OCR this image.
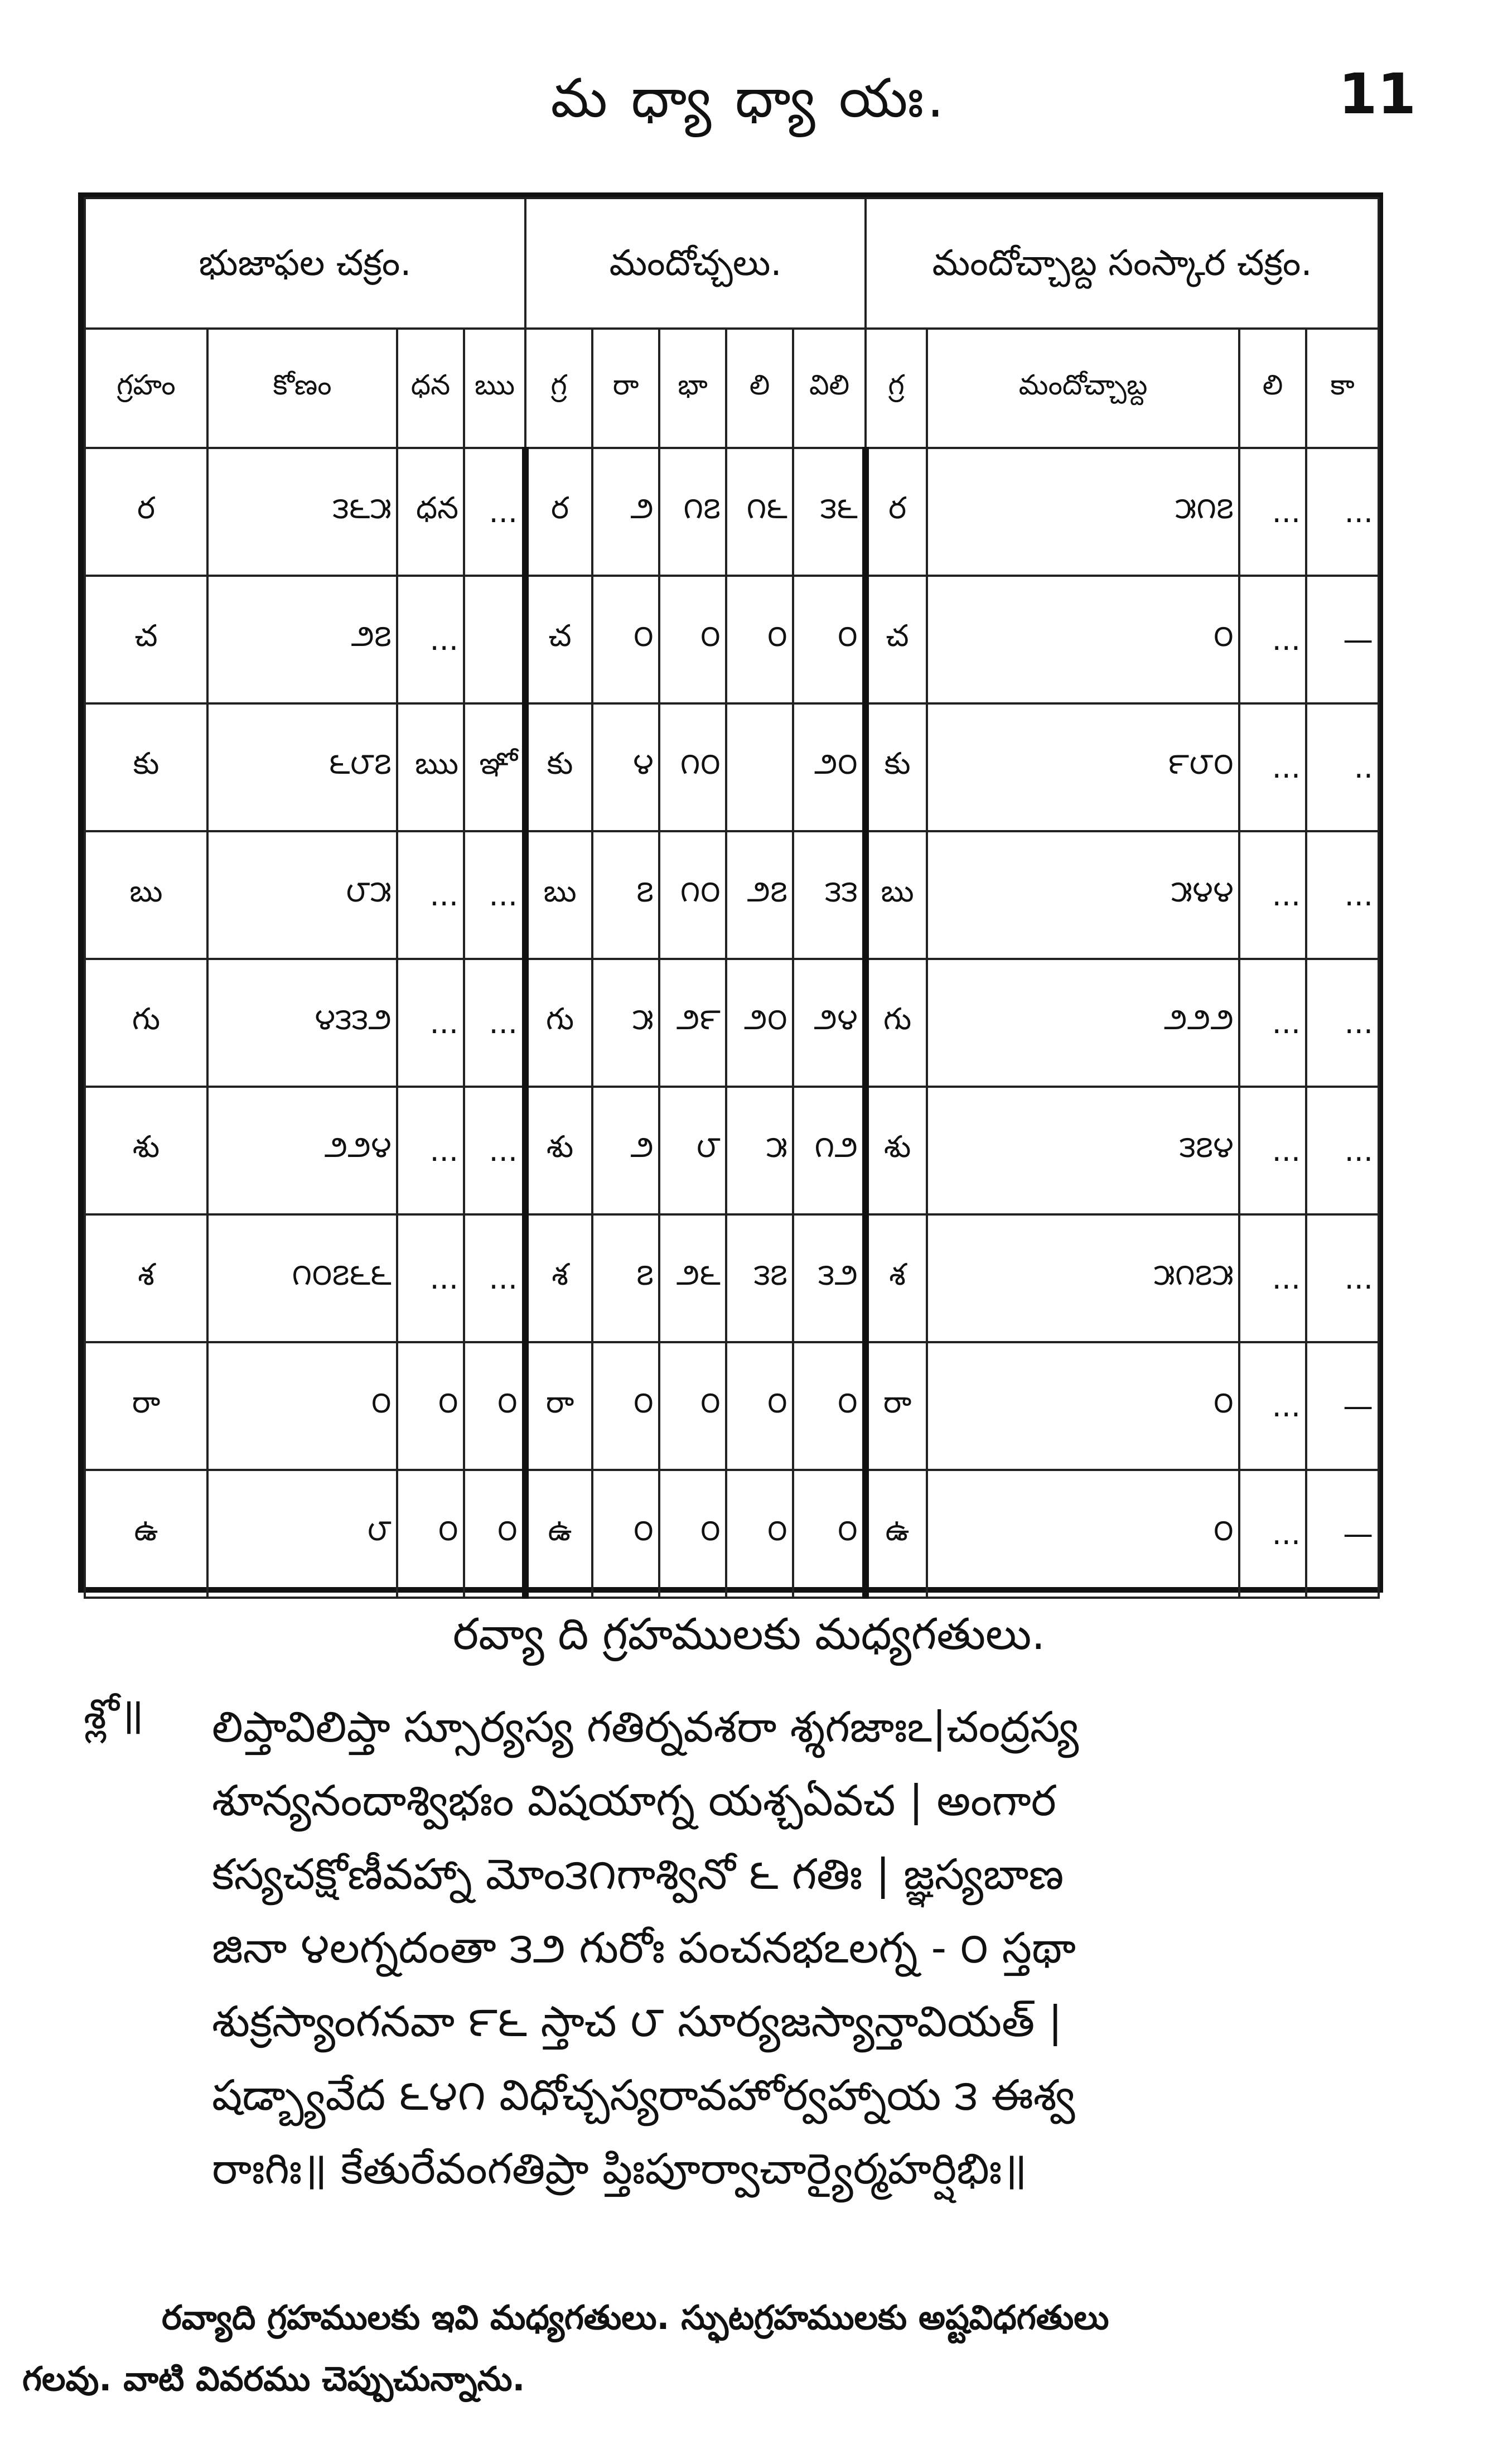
మ ధ్యా ధ్యా యః.	11
భుజాఫల చక్రం.				మందోచ్చలు.					మందోచ్చాబ్ద సంస్కార చక్రం.			
గ్రహం	కోణం	ధన	ఋ	గ్ర	రా	భా	లి	విలి	గ్ర	మందోచ్చాబ్ద	లి	కా
ర	౩౬౫	ధన	...	ర	౨	౧౭	౧౬	౩౬	ర	౫౧౭	...	...
చ	౨౭	...		చ	౦	౦	౦	౦	చ	౦	...	—
కు	౬౮౭	ఋ	ఞో	కు	౪	౧౦		౨౦	కు	౯౮౦	...	..
బు	౮౫	...	...	బు	౭	౧౦	౨౭	౩౩	బు	౫౪౪	...	...
గు	౪౩౩౨	...	...	గు	౫	౨౯	౨౦	౨౪	గు	౨౨౨	...	...
శు	౨౨౪	...	...	శు	౨	౮	౫	౧౨	శు	౩౭౪	...	...
శ	౧౦౭౬౬	...	...	శ	౭	౨౬	౩౭	౩౨	శ	౫౧౭౫	...	...
రా	౦	౦	౦	రా	౦	౦	౦	౦	రా	౦	...	—
ఉ	౮	౦	౦	ఉ	౦	౦	౦	౦	ఉ	౦	...	—
రవ్యా ది గ్రహములకు మధ్యగతులు.
శ్లో॥ లిప్తావిలిప్తా స్సూర్యస్య గతిర్నవశరా శ్శగజాఃఽ|చంద్రస్య
శూన్యనందాశ్విభఃం విషయాగ్న యశ్చఏవచ | అంగార
కస్యచక్షోణీవహ్నా మోం౩౧గాశ్వినో ౬ గతిః | జ్ఞస్యబాణ
జినా ౪లగ్నదంతా ౩౨ గురోః పంచనభఽలగ్న - ౦ స్తథా
శుక్రస్యాంగనవా ౯౬ స్తాచ ౮ సూర్యజస్యాన్తావియత్ |
షడ్బ్యావేద ౬౪౧ విధోచ్చస్యరావహోర్వహ్నాయ ౩ ఈశ్వ
రాఃగిః॥ కేతురేవంగతిప్రా ప్తిఃపూర్వాచార్యైర్మహర్షిభిః॥
రవ్యాది గ్రహములకు ఇవి మధ్యగతులు. స్ఫుటగ్రహములకు అష్టవిధగతులు
గలవు. వాటి వివరము చెప్పుచున్నాను.
